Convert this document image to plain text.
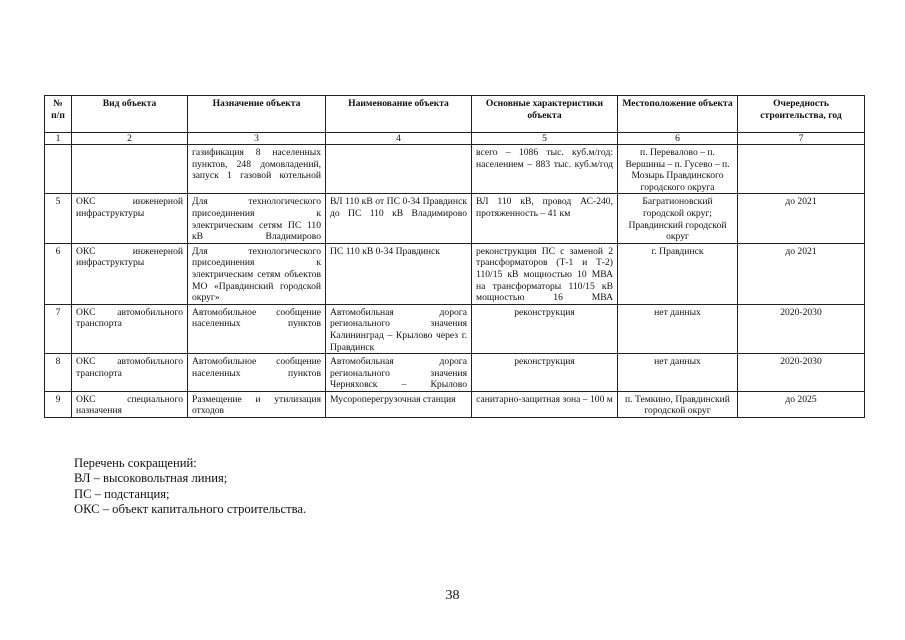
№ п/п	Вид объекта	Назначение объекта	Наименование объекта	Основные характеристики объекта	Местоположение объекта	Очередность строительства, год
1	2	3	4	5	6	7
		газификация 8 населенных пунктов, 248 домовладений, запуск 1 газовой котельной		всего – 1086 тыс. куб.м/год: населением – 883 тыс. куб.м/год	п. Перевалово – п. Вершины – п. Гусево – п. Мозырь Правдинского городского округа	
5	ОКС инженерной инфраструктуры	Для технологического присоединения к электрическим сетям ПС 110 кВ Владимирово	ВЛ 110 кВ от ПС 0-34 Правдинск до ПС 110 кВ Владимирово	ВЛ 110 кВ, провод АС-240, протяженность – 41 км	Багратионовский городской округ; Правдинский городской округ	до 2021
6	ОКС инженерной инфраструктуры	Для технологического присоединения к электрическим сетям объектов МО «Правдинский городской округ»	ПС 110 кВ 0-34 Правдинск	реконструкция ПС с заменой 2 трансформаторов (Т-1 и Т-2) 110/15 кВ мощностью 10 МВА на трансформаторы 110/15 кВ мощностью 16 МВА	г. Правдинск	до 2021
7	ОКС автомобильного транспорта	Автомобильное сообщение населенных пунктов	Автомобильная дорога регионального значения Калининград – Крылово через г. Правдинск	реконструкция	нет данных	2020-2030
8	ОКС автомобильного транспорта	Автомобильное сообщение населенных пунктов	Автомобильная дорога регионального значения Черняховск – Крылово	реконструкция	нет данных	2020-2030
9	ОКС специального назначения	Размещение и утилизация отходов	Мусороперегрузочная станция	санитарно-защитная зона – 100 м	п. Темкино, Правдинский городской округ	до 2025
Перечень сокращений:
ВЛ – высоковольтная линия;
ПС – подстанция;
ОКС – объект капитального строительства.
38
